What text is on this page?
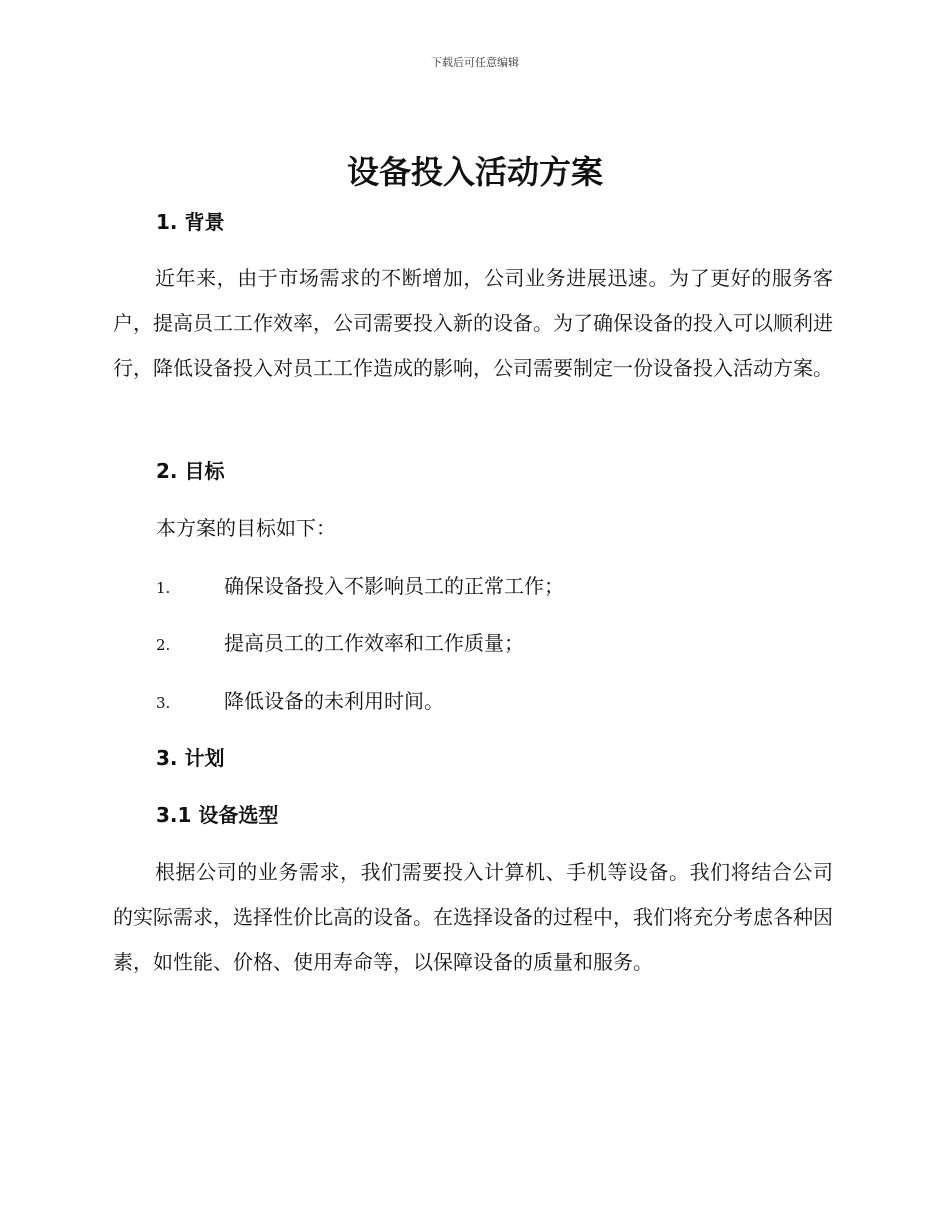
下载后可任意编辑
设备投入活动方案
1. 背景

近年来，由于市场需求的不断增加，公司业务进展迅速。为了更好的服务客户，提高员工工作效率，公司需要投入新的设备。为了确保设备的投入可以顺利进行，降低设备投入对员工工作造成的影响，公司需要制定一份设备投入活动方案。

2. 目标

本方案的目标如下：

1.	确保设备投入不影响员工的正常工作；
2.	提高员工的工作效率和工作质量；
3.	降低设备的未利用时间。
3. 计划
3.1 设备选型

根据公司的业务需求，我们需要投入计算机、手机等设备。我们将结合公司的实际需求，选择性价比高的设备。在选择设备的过程中，我们将充分考虑各种因素，如性能、价格、使用寿命等，以保障设备的质量和服务。
